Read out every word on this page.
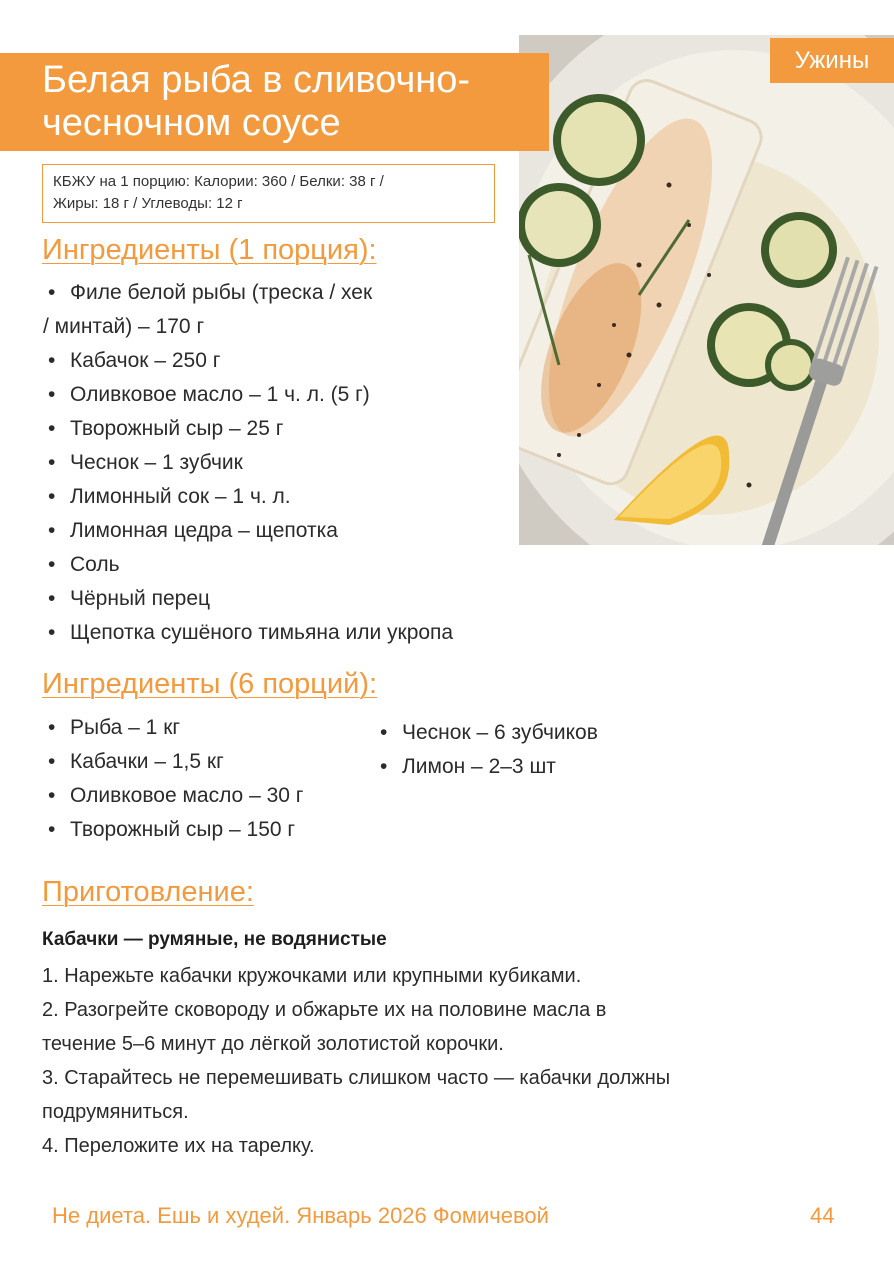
Ужины
Белая рыба в сливочно-
чесночном соусе
КБЖУ на 1 порцию: Калории: 360 / Белки: 38 г /
Жиры: 18 г / Углеводы: 12 г
Ингредиенты (1 порция):
• Филе белой рыбы (треска / хек
/ минтай) – 170 г
• Кабачок – 250 г
• Оливковое масло – 1 ч. л. (5 г)
• Творожный сыр – 25 г
• Чеснок – 1 зубчик
• Лимонный сок – 1 ч. л.
• Лимонная цедра – щепотка
• Соль
• Чёрный перец
• Щепотка сушёного тимьяна или укропа
Ингредиенты (6 порций):
• Рыба – 1 кг
• Кабачки – 1,5 кг
• Оливковое масло – 30 г
• Творожный сыр – 150 г
• Чеснок – 6 зубчиков
• Лимон – 2–3 шт
Приготовление:
Кабачки — румяные, не водянистые
1. Нарежьте кабачки кружочками или крупными кубиками.
2. Разогрейте сковороду и обжарьте их на половине масла в
течение 5–6 минут до лёгкой золотистой корочки.
3. Старайтесь не перемешивать слишком часто — кабачки должны
подрумяниться.
4. Переложите их на тарелку.
Не диета. Ешь и худей. Январь 2026 Фомичевой	44
